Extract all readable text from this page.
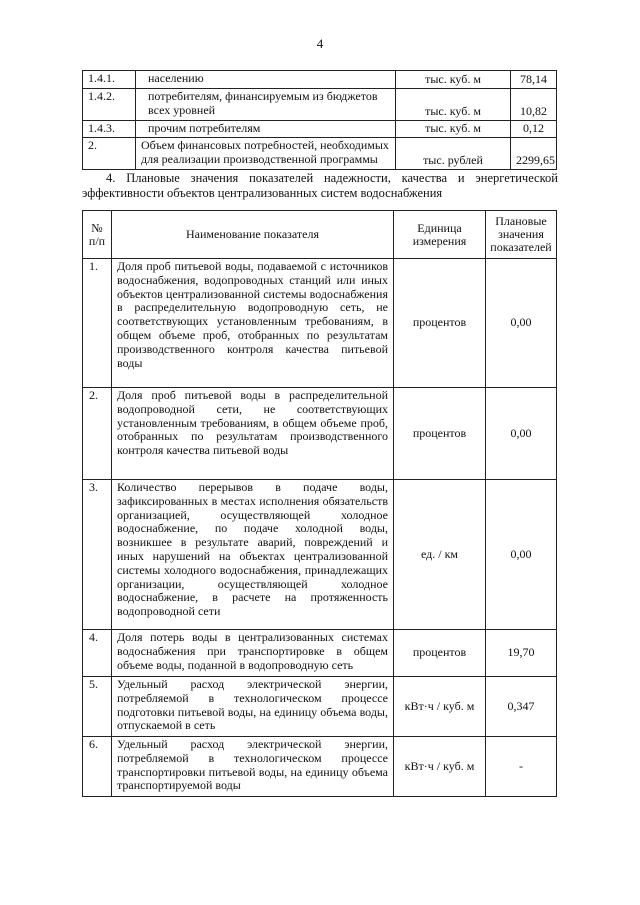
4
1.4.1.	населению	тыс. куб. м	78,14
1.4.2.	потребителям, финансируемым из бюджетов всех уровней	тыс. куб. м	10,82
1.4.3.	прочим потребителям	тыс. куб. м	0,12
2.	Объем финансовых потребностей, необходимых для реализации производственной программы	тыс. рублей	2299,65
4. Плановые значения показателей надежности, качества и энергетической эффективности объектов централизованных систем водоснабжения
№ п/п	Наименование показателя	Единица измерения	Плановые значения показателей
1.	Доля проб питьевой воды, подаваемой с источников водоснабжения, водопроводных станций или иных объектов централизованной системы водоснабжения в распределительную водопроводную сеть, не соответствующих установленным требованиям, в общем объеме проб, отобранных по результатам производственного контроля качества питьевой воды	процентов	0,00
2.	Доля проб питьевой воды в распределительной водопроводной сети, не соответствующих установленным требованиям, в общем объеме проб, отобранных по результатам производственного контроля качества питьевой воды	процентов	0,00
3.	Количество перерывов в подаче воды, зафиксированных в местах исполнения обязательств организацией, осуществляющей холодное водоснабжение, по подаче холодной воды, возникшее в результате аварий, повреждений и иных нарушений на объектах централизованной системы холодного водоснабжения, принадлежащих организации, осуществляющей холодное водоснабжение, в расчете на протяженность водопроводной сети	ед. / км	0,00
4.	Доля потерь воды в централизованных системах водоснабжения при транспортировке в общем объеме воды, поданной в водопроводную сеть	процентов	19,70
5.	Удельный расход электрической энергии, потребляемой в технологическом процессе подготовки питьевой воды, на единицу объема воды, отпускаемой в сеть	кВт·ч / куб. м	0,347
6.	Удельный расход электрической энергии, потребляемой в технологическом процессе транспортировки питьевой воды, на единицу объема транспортируемой воды	кВт·ч / куб. м	-
